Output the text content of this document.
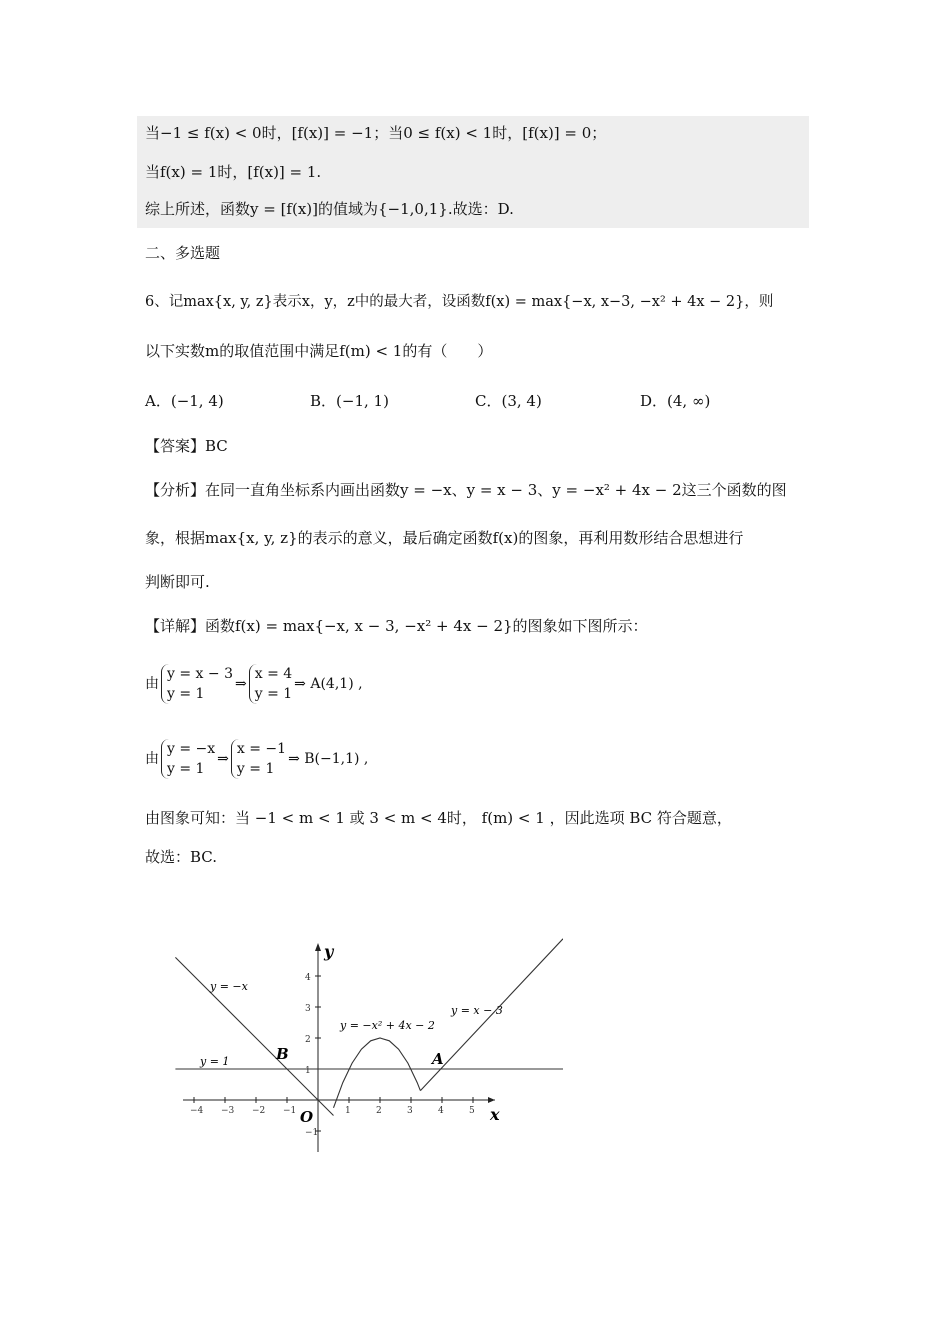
当−1 ≤ f(x) < 0时，[f(x)] = −1；当0 ≤ f(x) < 1时，[f(x)] = 0；
当f(x) = 1时，[f(x)] = 1.
综上所述，函数y = [f(x)]的值域为{−1,0,1}.故选：D.
二、多选题
6、记max{x, y, z}表示x，y，z中的最大者，设函数f(x) = max{−x, x−3, −x² + 4x − 2}，则
以下实数m的取值范围中满足f(m) < 1的有（　　）
A．(−1, 4)	B．(−1, 1)	C．(3, 4)	D．(4, ∞)
【答案】BC
【分析】在同一直角坐标系内画出函数y = −x、y = x − 3、y = −x² + 4x − 2这三个函数的图
象，根据max{x, y, z}的表示的意义，最后确定函数f(x)的图象，再利用数形结合思想进行
判断即可.
【详解】函数f(x) = max{−x, x − 3, −x² + 4x − 2}的图象如下图所示：
由
y = x − 3
y = 1
⇒
x = 4
y = 1
⇒ A(4,1) ,
由
y = −x
y = 1
⇒
x = −1
y = 1
⇒ B(−1,1) ,
由图象可知：当 −1 < m < 1 或 3 < m < 4时， f(m) < 1 ，因此选项 BC 符合题意，
故选：BC.
x
y
−4 −3 −2 −1	1	2	3	4	5
−1
1
2
3
4
y = −x
y = x − 3
y = −x² + 4x − 2
y = 1	B	A
O
